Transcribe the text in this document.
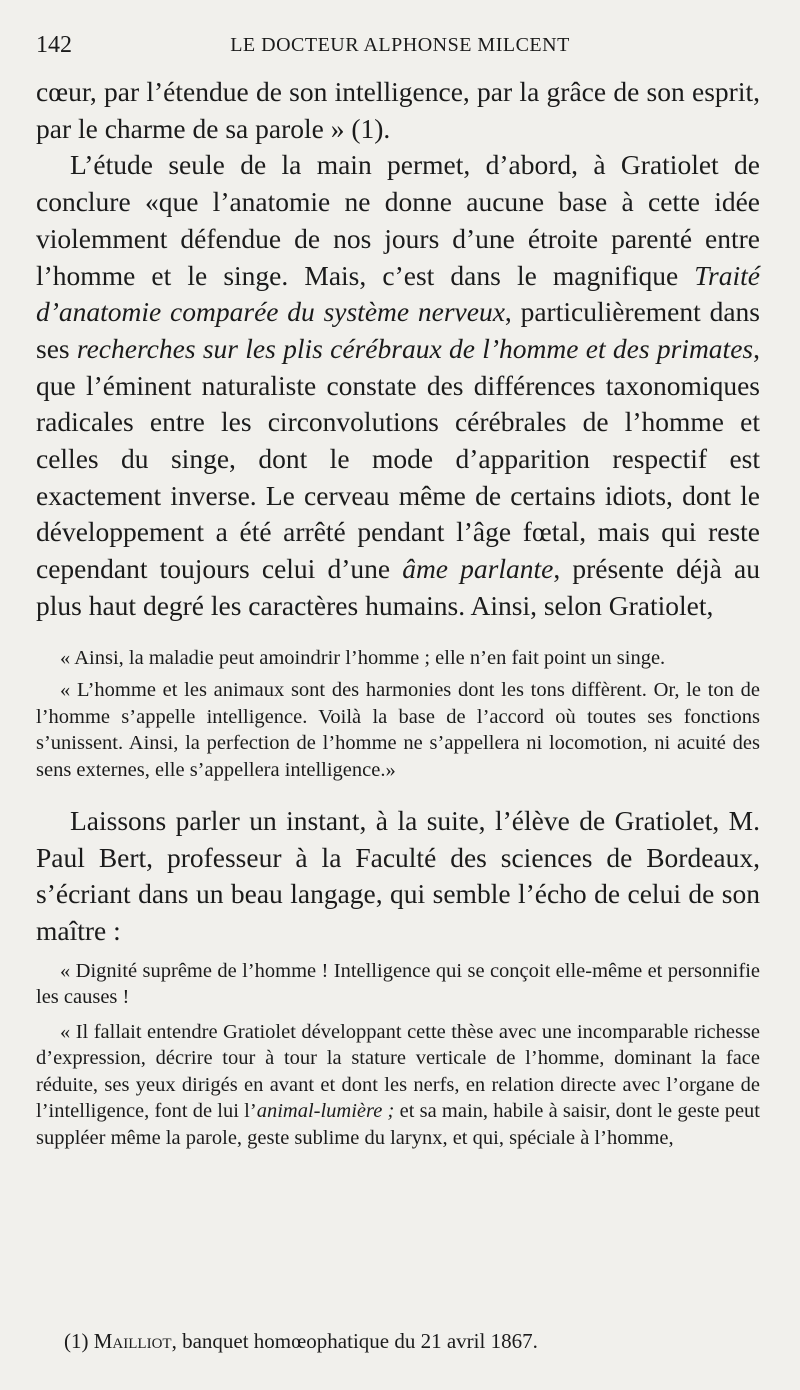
142	LE DOCTEUR ALPHONSE MILCENT

cœur, par l’étendue de son intelligence, par la grâce de son esprit, par le charme de sa parole » (1).

L’étude seule de la main permet, d’abord, à Gratiolet de conclure «que l’anatomie ne donne aucune base à cette idée violemment défendue de nos jours d’une étroite parenté entre l’homme et le singe. Mais, c’est dans le magnifique Traité d’anatomie comparée du système nerveux, particulièrement dans ses recherches sur les plis cérébraux de l’homme et des primates, que l’éminent naturaliste constate des différences taxonomiques radicales entre les circonvolutions cérébrales de l’homme et celles du singe, dont le mode d’apparition respectif est exactement inverse. Le cerveau même de certains idiots, dont le développement a été arrêté pendant l’âge fœtal, mais qui reste cependant toujours celui d’une âme parlante, présente déjà au plus haut degré les caractères humains. Ainsi, selon Gratiolet,

« Ainsi, la maladie peut amoindrir l’homme ; elle n’en fait point un singe.

« L’homme et les animaux sont des harmonies dont les tons diffèrent. Or, le ton de l’homme s’appelle intelligence. Voilà la base de l’accord où toutes ses fonctions s’unissent. Ainsi, la perfection de l’homme ne s’appellera ni locomotion, ni acuité des sens externes, elle s’appellera intelligence.»

Laissons parler un instant, à la suite, l’élève de Gratiolet, M. Paul Bert, professeur à la Faculté des sciences de Bordeaux, s’écriant dans un beau langage, qui semble l’écho de celui de son maître :

« Dignité suprême de l’homme ! Intelligence qui se conçoit elle-même et personnifie les causes !

« Il fallait entendre Gratiolet développant cette thèse avec une incomparable richesse d’expression, décrire tour à tour la stature verticale de l’homme, dominant la face réduite, ses yeux dirigés en avant et dont les nerfs, en relation directe avec l’organe de l’intelligence, font de lui l’animal-lumière ; et sa main, habile à saisir, dont le geste peut suppléer même la parole, geste sublime du larynx, et qui, spéciale à l’homme,

(1) Mailliot, banquet homœophatique du 21 avril 1867.
